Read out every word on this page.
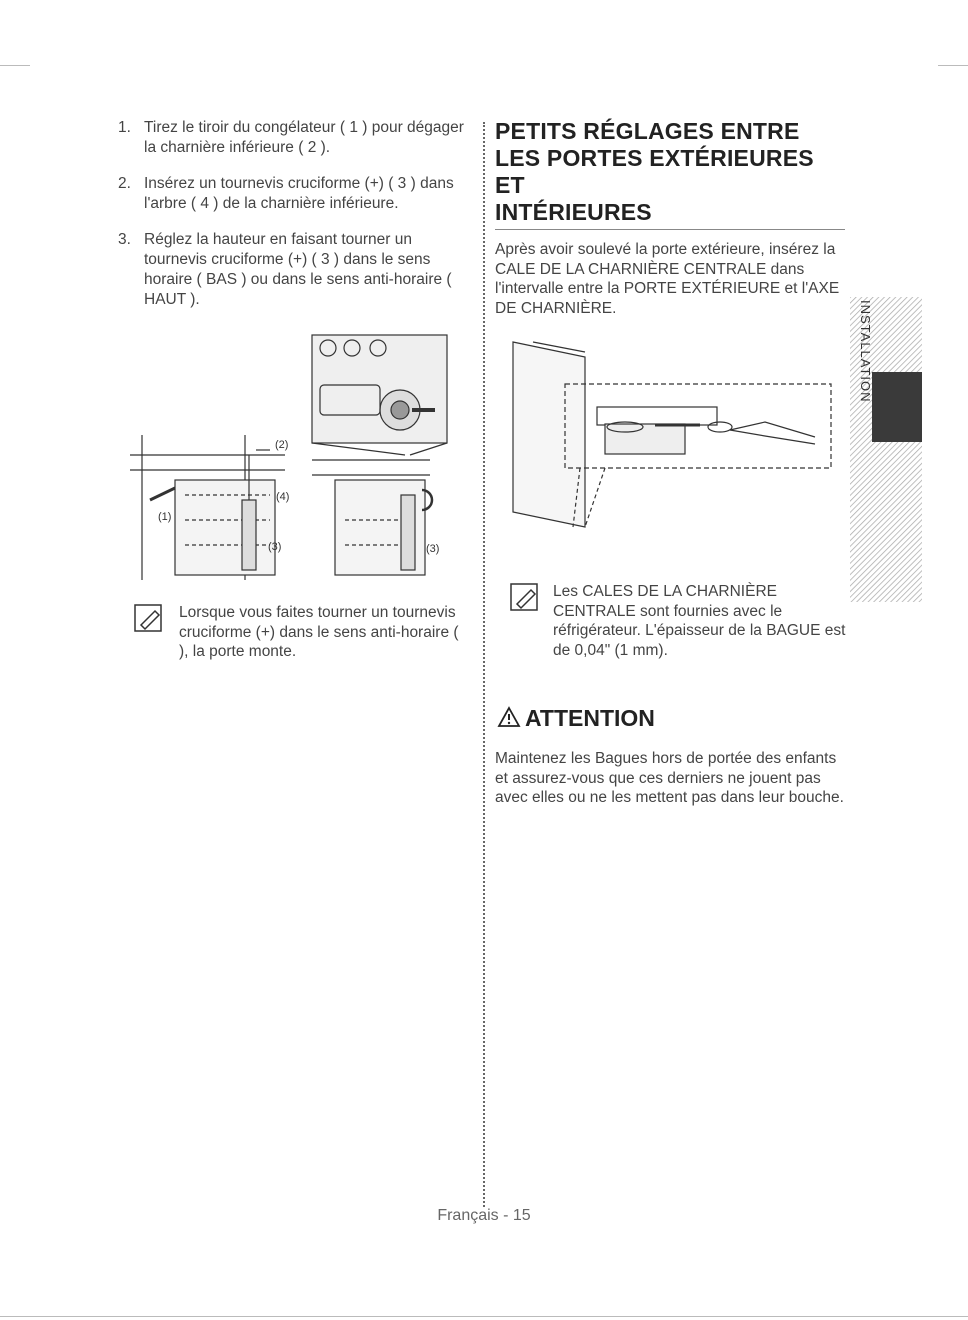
1. Tirez le tiroir du congélateur ( 1 ) pour dégager la charnière inférieure ( 2 ).
2. Insérez un tournevis cruciforme (+) ( 3 ) dans l'arbre ( 4 ) de la charnière inférieure.
3. Réglez la hauteur en faisant tourner un tournevis cruciforme (+) ( 3 ) dans le sens horaire ( BAS ) ou dans le sens anti-horaire ( HAUT ).
(2)
(4)
(1)
(3)	(3)
Lorsque vous faites tourner un tournevis cruciforme (+) dans le sens anti-horaire ( ), la porte monte.
PETITS RÉGLAGES ENTRE
LES PORTES EXTÉRIEURES ET
INTÉRIEURES
Après avoir soulevé la porte extérieure, insérez la CALE DE LA CHARNIÈRE CENTRALE dans l'intervalle entre la PORTE EXTÉRIEURE et l'AXE DE CHARNIÈRE.
Les CALES DE LA CHARNIÈRE CENTRALE sont fournies avec le réfrigérateur. L'épaisseur de la BAGUE est de 0,04" (1 mm).
ATTENTION
Maintenez les Bagues hors de portée des enfants et assurez-vous que ces derniers ne jouent pas avec elles ou ne les mettent pas dans leur bouche.
INSTALLATION
Français - 15
